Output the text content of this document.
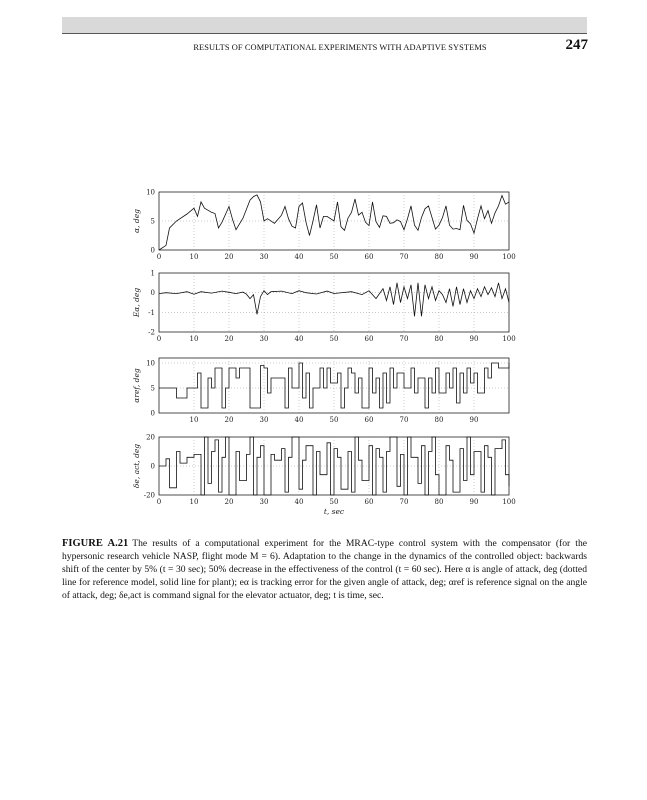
RESULTS OF COMPUTATIONAL EXPERIMENTS WITH ADAPTIVE SYSTEMS	247
0	10	20	30	40	50	60	70	80	90	100
0
5
10
α, deg
0	10	20	30	40	50	60	70	80	90	100
-2
-1
0
1
Eα, deg
10	20	30	40	50	60	70	80	90
0
5
10
αref, deg
0	10	20	30	40	50	60	70	80	90	100
-20
0
20
δe, act, deg
t, sec
FIGURE A.21 The results of a computational experiment for the MRAC-type control system with the compensator (for the hypersonic research vehicle NASP, flight mode M = 6). Adaptation to the change in the dynamics of the controlled object: backwards shift of the center by 5% (t = 30 sec); 50% decrease in the effectiveness of the control (t = 60 sec). Here α is angle of attack, deg (dotted line for reference model, solid line for plant); eα is tracking error for the given angle of attack, deg; αref is reference signal on the angle of attack, deg; δe,act is command signal for the elevator actuator, deg; t is time, sec.
